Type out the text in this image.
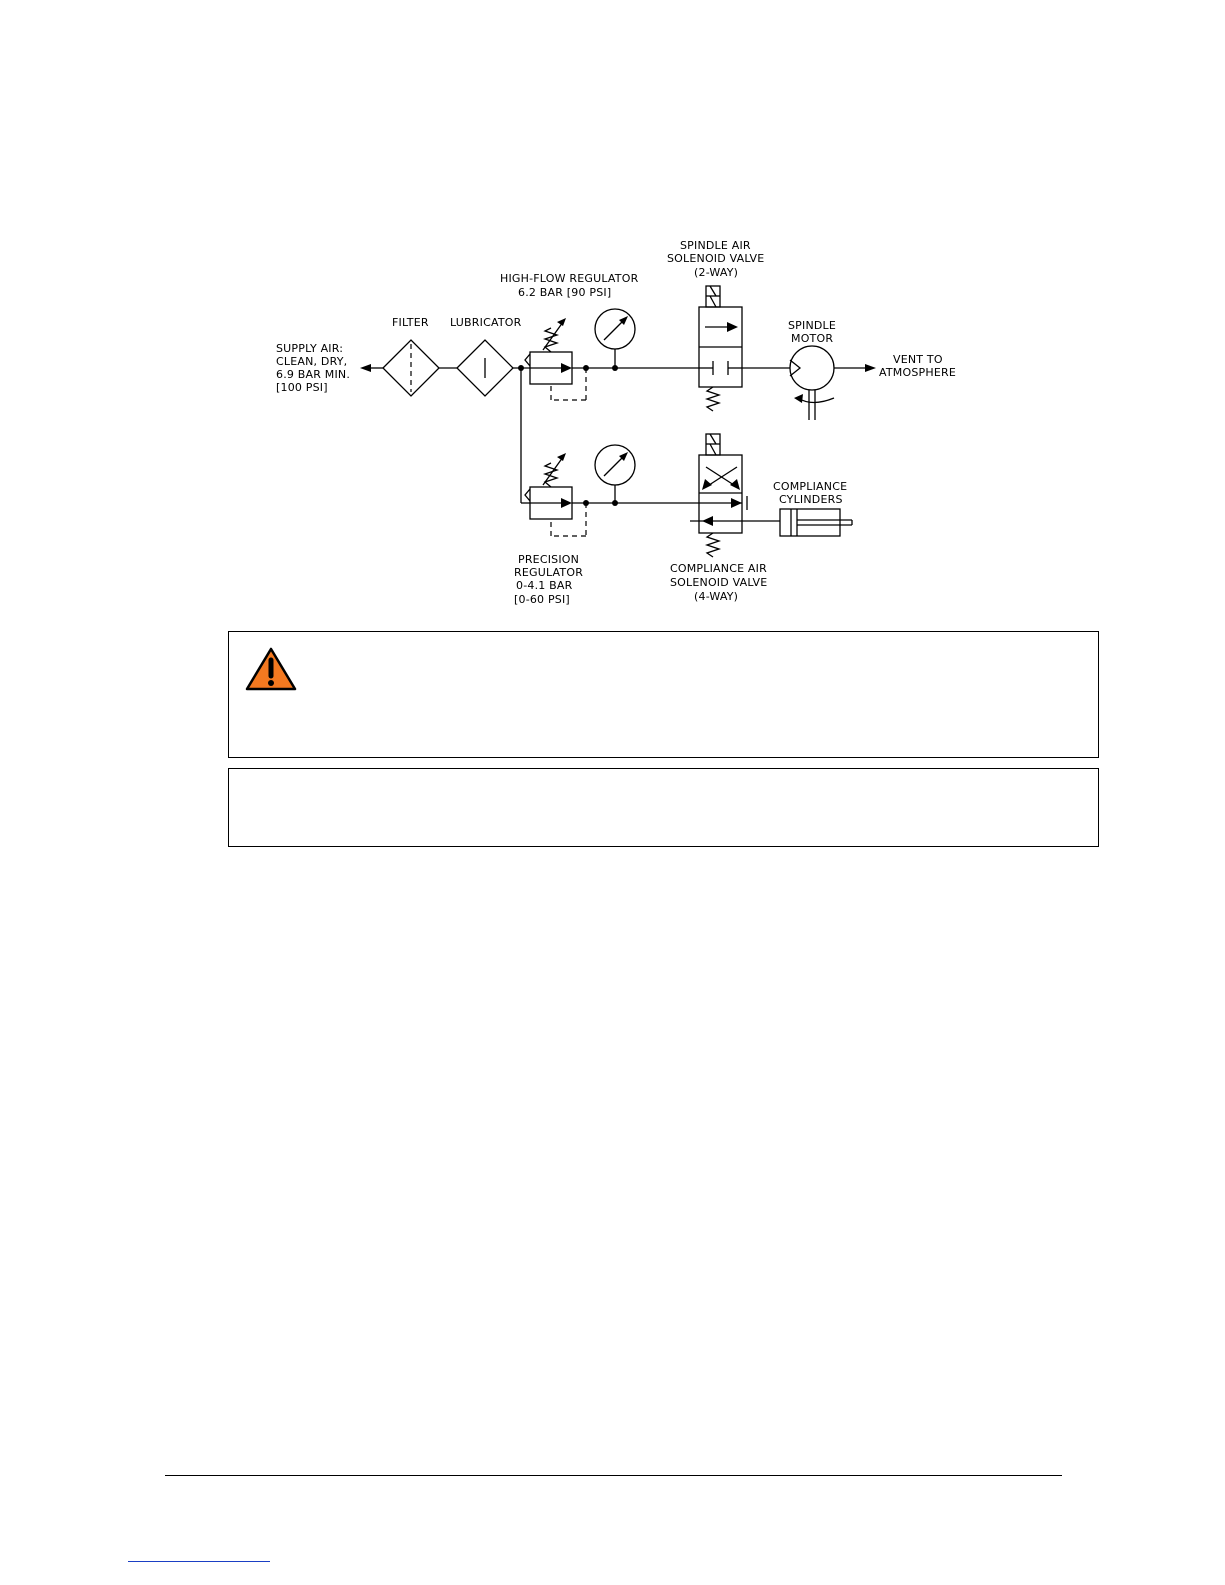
SUPPLY AIR:
CLEAN, DRY,
6.9 BAR MIN.
[100 PSI]
FILTER LUBRICATOR
HIGH-FLOW REGULATOR
6.2 BAR [90 PSI]
SPINDLE AIR
SOLENOID VALVE
(2-WAY)
SPINDLE
MOTOR
VENT TO
ATMOSPHERE
COMPLIANCE
CYLINDERS
PRECISION
REGULATOR
0-4.1 BAR
[0-60 PSI]
COMPLIANCE AIR
SOLENOID VALVE
(4-WAY)
